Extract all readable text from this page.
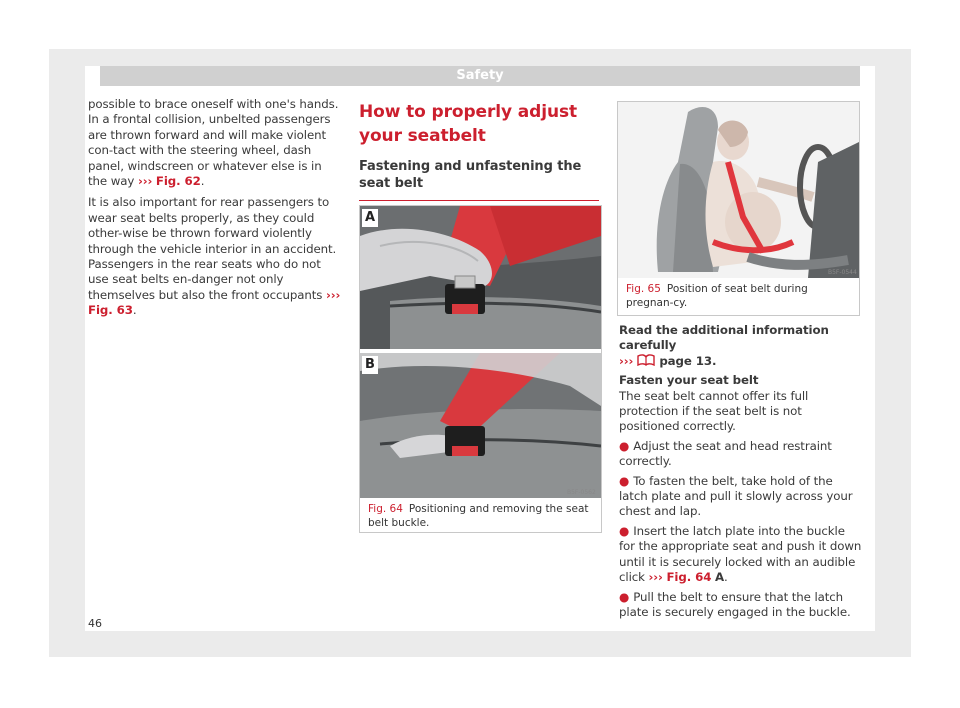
Safety

possible to brace oneself with one's hands. In a frontal collision, unbelted passengers are thrown forward and will make violent con-tact with the steering wheel, dash panel, windscreen or whatever else is in the way ››› Fig. 62.

It is also important for rear passengers to wear seat belts properly, as they could other-wise be thrown forward violently through the vehicle interior in an accident. Passengers in the rear seats who do not use seat belts en-danger not only themselves but also the front occupants ››› Fig. 63.

How to properly adjust your seatbelt
Fastening and unfastening the seat belt
A
B
B5F-0562
Fig. 64 Positioning and removing the seat belt buckle.
B5F-0544
Fig. 65 Position of seat belt during pregnan-cy.

Read the additional information carefully
››› page 13.

Fasten your seat belt
The seat belt cannot offer its full protection if the seat belt is not positioned correctly.

● Adjust the seat and head restraint correctly.

● To fasten the belt, take hold of the latch plate and pull it slowly across your chest and lap.

● Insert the latch plate into the buckle for the appropriate seat and push it down until it is securely locked with an audible click ››› Fig. 64 A.

● Pull the belt to ensure that the latch plate is securely engaged in the buckle.

46
